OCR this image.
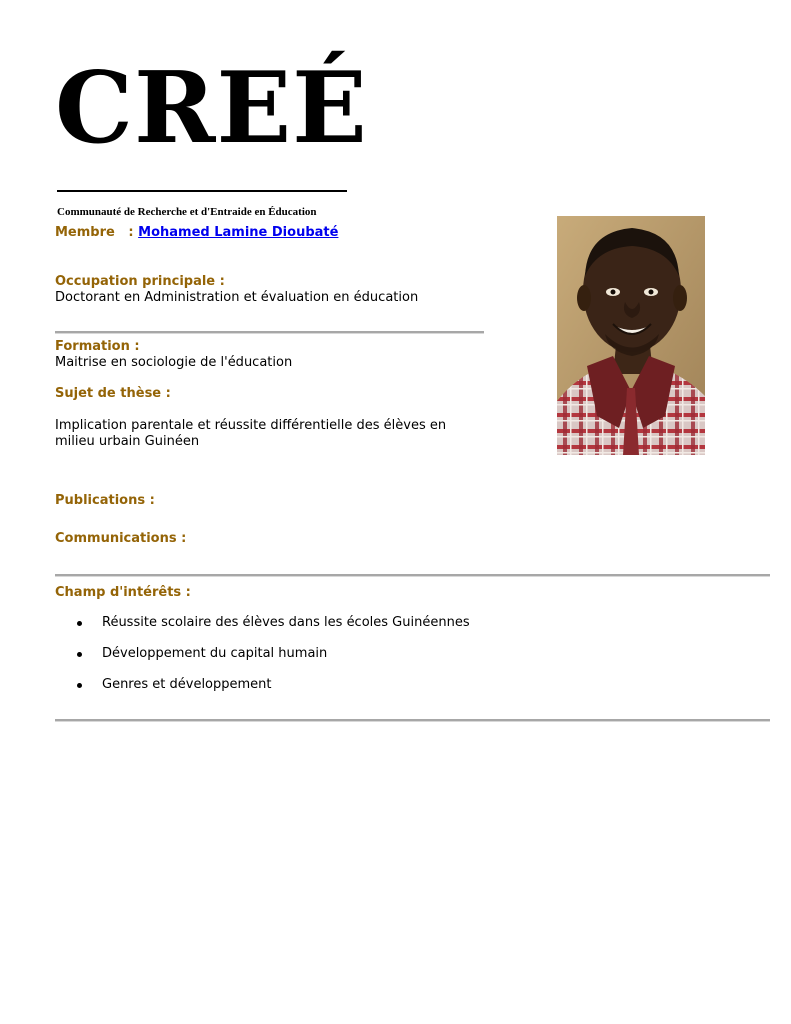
CREÉ
Communauté de Recherche et d'Entraide en Éducation
Membre   : Mohamed Lamine Dioubaté
Occupation principale :
Doctorant en Administration et évaluation en éducation
Formation :
Maitrise en sociologie de l'éducation
Sujet de thèse :
Implication parentale et réussite différentielle des élèves en
milieu urbain Guinéen
Publications :
Communications :
Champ d'intérêts :
Réussite scolaire des élèves dans les écoles Guinéennes
Développement du capital humain
Genres et développement
